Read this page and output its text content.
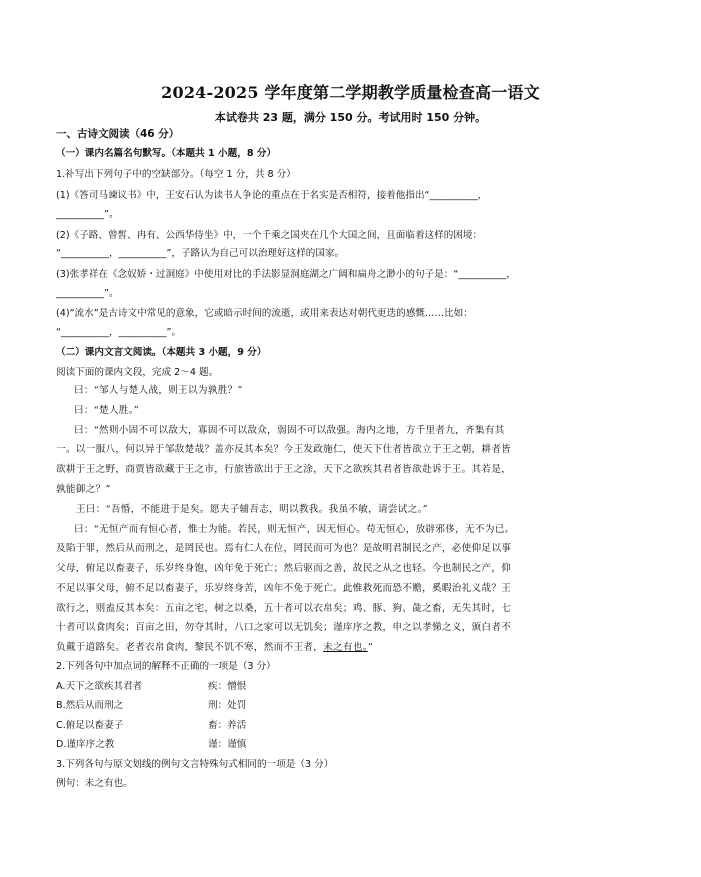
2024-2025 学年度第二学期教学质量检查高一语文
本试卷共 23 题，满分 150 分。考试用时 150 分钟。
一、古诗文阅读（46 分）
（一）课内名篇名句默写。（本题共 1 小题，8 分）
1.补写出下列句子中的空缺部分。（每空 1 分，共 8 分）
(1)《答司马谏议书》中，王安石认为读书人争论的重点在于名实是否相符，接着他指出“__________，
__________”。
(2)《子路、曾皙、冉有、公西华侍坐》中，一个千乘之国夹在几个大国之间，且面临着这样的困境：
“__________，__________”，子路认为自己可以治理好这样的国家。
(3)张孝祥在《念奴娇・过洞庭》中使用对比的手法影显洞庭湖之广阔和扁舟之渺小的句子是：“__________，
__________”。
(4)“流水”是古诗文中常见的意象，它或暗示时间的流逝，或用来表达对朝代更迭的感慨……比如：
“__________，__________”。
（二）课内文言文阅读。（本题共 3 小题，9 分）
阅读下面的课内文段，完成 2～4 题。
曰：“邹人与楚人战，则王以为孰胜？”
曰：“楚人胜。”
曰：“然则小固不可以敌大，寡固不可以敌众，弱固不可以敌强。海内之地，方千里者九，齐集有其
一。以一服八，何以异于邹敌楚哉？盖亦反其本矣？今王发政施仁，使天下仕者皆欲立于王之朝，耕者皆
欲耕于王之野，商贾皆欲藏于王之市，行旅皆欲出于王之涂，天下之欲疾其君者皆欲赴诉于王。其若是，
孰能御之？”
王曰：“吾惛，不能进于是矣。愿夫子辅吾志，明以教我。我虽不敏，请尝试之。”
曰：“无恒产而有恒心者，惟士为能。若民，则无恒产，因无恒心。苟无恒心，放辟邪侈，无不为已。
及陷于罪，然后从而刑之，是罔民也。焉有仁人在位，罔民而可为也？是故明君制民之产，必使仰足以事
父母，俯足以畜妻子，乐岁终身饱，凶年免于死亡；然后驱而之善，故民之从之也轻。今也制民之产，仰
不足以事父母，俯不足以畜妻子，乐岁终身苦，凶年不免于死亡。此惟救死而恐不赡，奚暇治礼义哉？王
欲行之，则盍反其本矣：五亩之宅，树之以桑，五十者可以衣帛矣；鸡、豚、狗、彘之畜，无失其时，七
十者可以食肉矣；百亩之田，勿夺其时，八口之家可以无饥矣；谨庠序之教，申之以孝悌之义，颁白者不
负戴于道路矣。老者衣帛食肉，黎民不饥不寒，然而不王者，未之有也。”
2.下列各句中加点词的解释不正确的一项是（3 分）
A.天下之欲疾其君者	疾：憎恨
B.然后从而刑之	刑：处罚
C.俯足以畜妻子	畜：养活
D.谨庠序之教	谨：谨慎
3.下列各句与原文划线的例句文言特殊句式相同的一项是（3 分）
例句：未之有也。
